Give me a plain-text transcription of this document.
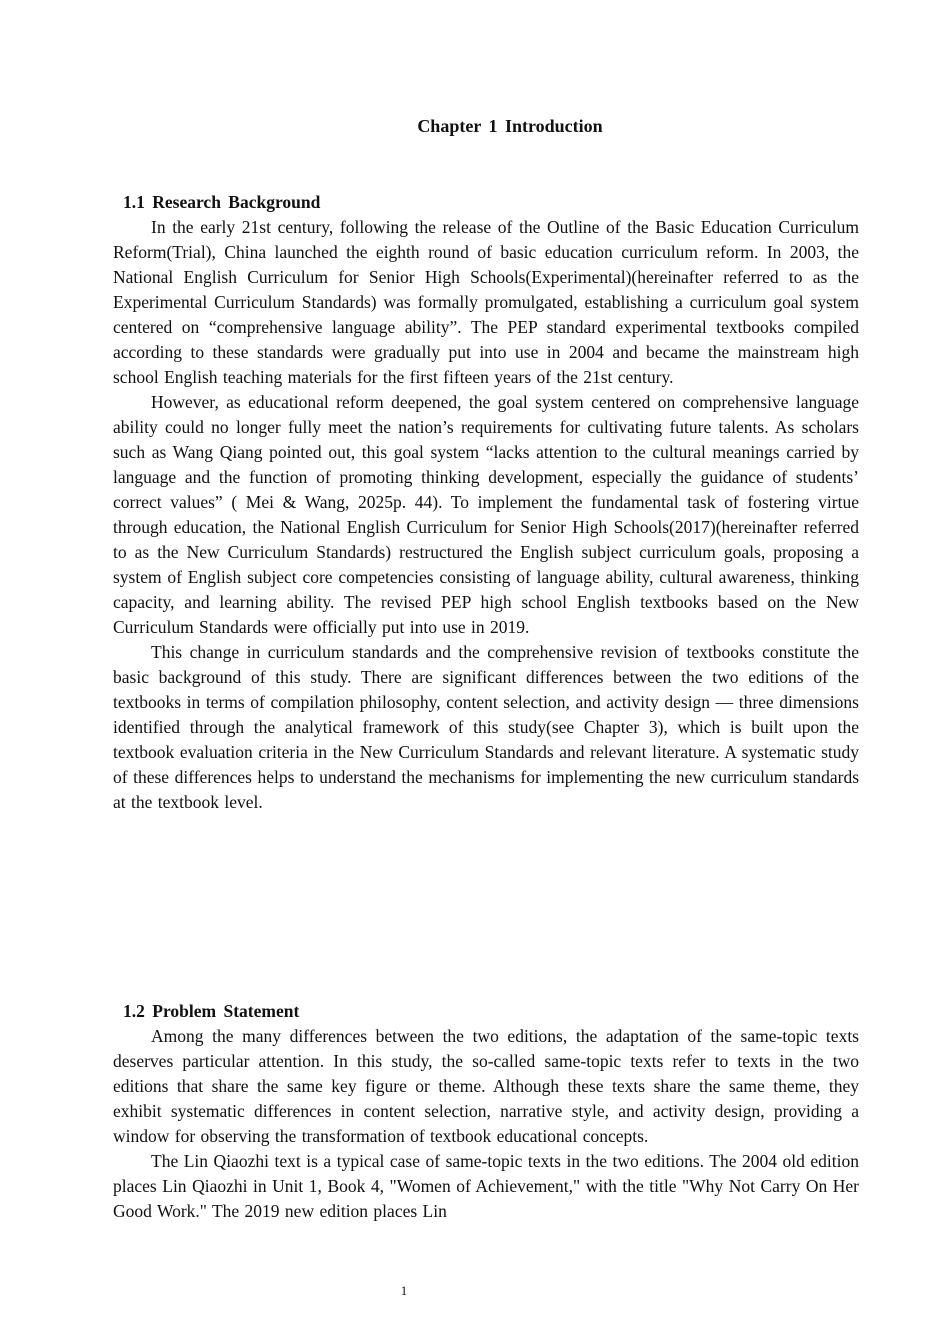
Chapter 1 Introduction
1.1 Research Background

In the early 21st century, following the release of the Outline of the Basic Education Curriculum Reform(Trial), China launched the eighth round of basic education curriculum reform. In 2003, the National English Curriculum for Senior High Schools(Experimental)(hereinafter referred to as the Experimental Curriculum Standards) was formally promulgated, establishing a curriculum goal system centered on “comprehensive language ability”. The PEP standard experimental textbooks compiled according to these standards were gradually put into use in 2004 and became the mainstream high school English teaching materials for the first fifteen years of the 21st century.

However, as educational reform deepened, the goal system centered on comprehensive language ability could no longer fully meet the nation’s requirements for cultivating future talents. As scholars such as Wang Qiang pointed out, this goal system “lacks attention to the cultural meanings carried by language and the function of promoting thinking development, especially the guidance of students’ correct values” ( Mei & Wang, 2025p. 44). To implement the fundamental task of fostering virtue through education, the National English Curriculum for Senior High Schools(2017)(hereinafter referred to as the New Curriculum Standards) restructured the English subject curriculum goals, proposing a system of English subject core competencies consisting of language ability, cultural awareness, thinking capacity, and learning ability. The revised PEP high school English textbooks based on the New Curriculum Standards were officially put into use in 2019.

This change in curriculum standards and the comprehensive revision of textbooks constitute the basic background of this study. There are significant differences between the two editions of the textbooks in terms of compilation philosophy, content selection, and activity design — three dimensions identified through the analytical framework of this study(see Chapter 3), which is built upon the textbook evaluation criteria in the New Curriculum Standards and relevant literature. A systematic study of these differences helps to understand the mechanisms for implementing the new curriculum standards at the textbook level.

1.2 Problem Statement

Among the many differences between the two editions, the adaptation of the same-topic texts deserves particular attention. In this study, the so-called same-topic texts refer to texts in the two editions that share the same key figure or theme. Although these texts share the same theme, they exhibit systematic differences in content selection, narrative style, and activity design, providing a window for observing the transformation of textbook educational concepts.

The Lin Qiaozhi text is a typical case of same-topic texts in the two editions. The 2004 old edition places Lin Qiaozhi in Unit 1, Book 4, "Women of Achievement," with the title "Why Not Carry On Her Good Work." The 2019 new edition places Lin

1
